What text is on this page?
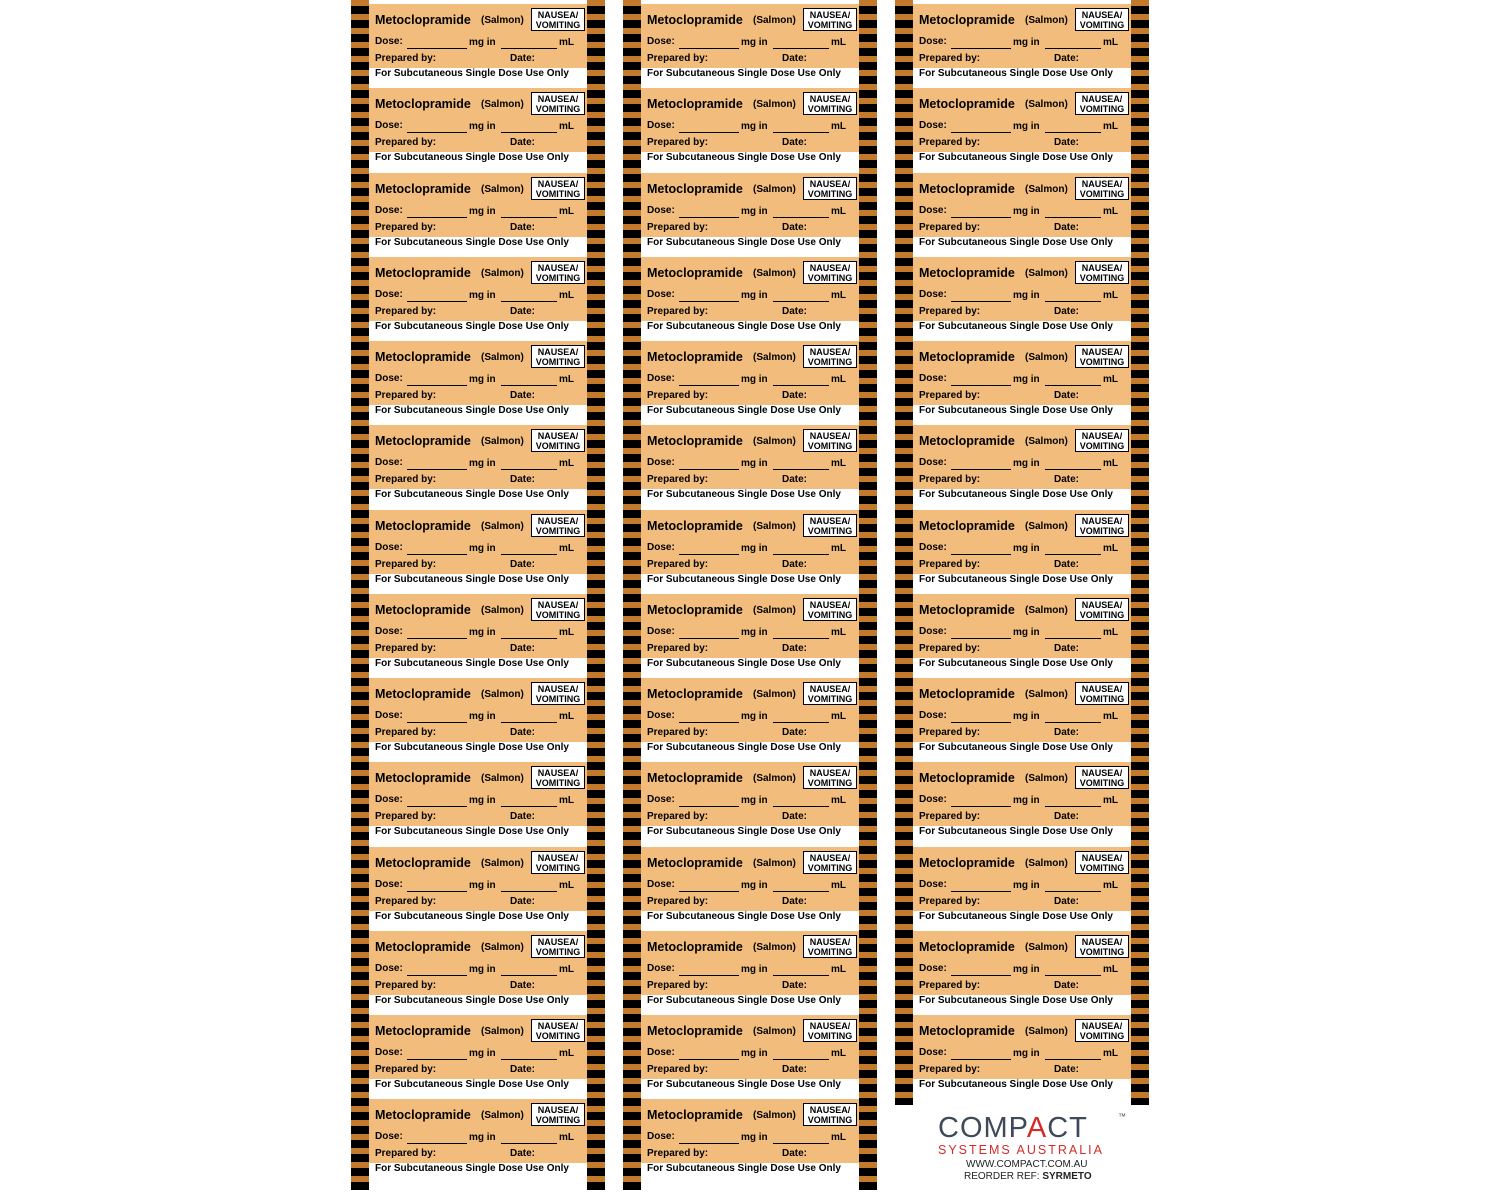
Metoclopramide (Salmon)	NAUSEA/
VOMITING
Dose:	mg in	mL
Prepared by:	Date:
For Subcutaneous Single Dose Use Only
Metoclopramide (Salmon)	NAUSEA/
VOMITING
Dose:	mg in	mL
Prepared by:	Date:
For Subcutaneous Single Dose Use Only
Metoclopramide (Salmon)	NAUSEA/
VOMITING
Dose:	mg in	mL
Prepared by:	Date:
For Subcutaneous Single Dose Use Only
Metoclopramide (Salmon)	NAUSEA/
VOMITING
Dose:	mg in	mL
Prepared by:	Date:
For Subcutaneous Single Dose Use Only
Metoclopramide (Salmon)	NAUSEA/
VOMITING
Dose:	mg in	mL
Prepared by:	Date:
For Subcutaneous Single Dose Use Only
Metoclopramide (Salmon)	NAUSEA/
VOMITING
Dose:	mg in	mL
Prepared by:	Date:
For Subcutaneous Single Dose Use Only
Metoclopramide (Salmon)	NAUSEA/
VOMITING
Dose:	mg in	mL
Prepared by:	Date:
For Subcutaneous Single Dose Use Only
Metoclopramide (Salmon)	NAUSEA/
VOMITING
Dose:	mg in	mL
Prepared by:	Date:
For Subcutaneous Single Dose Use Only
Metoclopramide (Salmon)	NAUSEA/
VOMITING
Dose:	mg in	mL
Prepared by:	Date:
For Subcutaneous Single Dose Use Only
Metoclopramide (Salmon)	NAUSEA/
VOMITING
Dose:	mg in	mL
Prepared by:	Date:
For Subcutaneous Single Dose Use Only
Metoclopramide (Salmon)	NAUSEA/
VOMITING
Dose:	mg in	mL
Prepared by:	Date:
For Subcutaneous Single Dose Use Only
Metoclopramide (Salmon)	NAUSEA/
VOMITING
Dose:	mg in	mL
Prepared by:	Date:
For Subcutaneous Single Dose Use Only
Metoclopramide (Salmon)	NAUSEA/
VOMITING
Dose:	mg in	mL
Prepared by:	Date:
For Subcutaneous Single Dose Use Only
Metoclopramide (Salmon)	NAUSEA/
VOMITING
Dose:	mg in	mL
Prepared by:	Date:
For Subcutaneous Single Dose Use Only
Metoclopramide (Salmon)	NAUSEA/
VOMITING
Dose:	mg in	mL
Prepared by:	Date:
For Subcutaneous Single Dose Use Only
Metoclopramide (Salmon)	NAUSEA/
VOMITING
Dose:	mg in	mL
Prepared by:	Date:
For Subcutaneous Single Dose Use Only
Metoclopramide (Salmon)	NAUSEA/
VOMITING
Dose:	mg in	mL
Prepared by:	Date:
For Subcutaneous Single Dose Use Only
Metoclopramide (Salmon)	NAUSEA/
VOMITING
Dose:	mg in	mL
Prepared by:	Date:
For Subcutaneous Single Dose Use Only
Metoclopramide (Salmon)	NAUSEA/
VOMITING
Dose:	mg in	mL
Prepared by:	Date:
For Subcutaneous Single Dose Use Only
Metoclopramide (Salmon)	NAUSEA/
VOMITING
Dose:	mg in	mL
Prepared by:	Date:
For Subcutaneous Single Dose Use Only
Metoclopramide (Salmon)	NAUSEA/
VOMITING
Dose:	mg in	mL
Prepared by:	Date:
For Subcutaneous Single Dose Use Only
Metoclopramide (Salmon)	NAUSEA/
VOMITING
Dose:	mg in	mL
Prepared by:	Date:
For Subcutaneous Single Dose Use Only
Metoclopramide (Salmon)	NAUSEA/
VOMITING
Dose:	mg in	mL
Prepared by:	Date:
For Subcutaneous Single Dose Use Only
Metoclopramide (Salmon)	NAUSEA/
VOMITING
Dose:	mg in	mL
Prepared by:	Date:
For Subcutaneous Single Dose Use Only
Metoclopramide (Salmon)	NAUSEA/
VOMITING
Dose:	mg in	mL
Prepared by:	Date:
For Subcutaneous Single Dose Use Only
Metoclopramide (Salmon)	NAUSEA/
VOMITING
Dose:	mg in	mL
Prepared by:	Date:
For Subcutaneous Single Dose Use Only
Metoclopramide (Salmon)	NAUSEA/
VOMITING
Dose:	mg in	mL
Prepared by:	Date:
For Subcutaneous Single Dose Use Only
Metoclopramide (Salmon)	NAUSEA/
VOMITING
Dose:	mg in	mL
Prepared by:	Date:
For Subcutaneous Single Dose Use Only
Metoclopramide (Salmon)	NAUSEA/
VOMITING
Dose:	mg in	mL
Prepared by:	Date:
For Subcutaneous Single Dose Use Only
Metoclopramide (Salmon)	NAUSEA/
VOMITING
Dose:	mg in	mL
Prepared by:	Date:
For Subcutaneous Single Dose Use Only
Metoclopramide (Salmon)	NAUSEA/
VOMITING
Dose:	mg in	mL
Prepared by:	Date:
For Subcutaneous Single Dose Use Only
Metoclopramide (Salmon)	NAUSEA/
VOMITING
Dose:	mg in	mL
Prepared by:	Date:
For Subcutaneous Single Dose Use Only
Metoclopramide (Salmon)	NAUSEA/
VOMITING
Dose:	mg in	mL
Prepared by:	Date:
For Subcutaneous Single Dose Use Only
Metoclopramide (Salmon)	NAUSEA/
VOMITING
Dose:	mg in	mL
Prepared by:	Date:
For Subcutaneous Single Dose Use Only
Metoclopramide (Salmon)	NAUSEA/
VOMITING
Dose:	mg in	mL
Prepared by:	Date:
For Subcutaneous Single Dose Use Only
Metoclopramide (Salmon)	NAUSEA/
VOMITING
Dose:	mg in	mL
Prepared by:	Date:
For Subcutaneous Single Dose Use Only
Metoclopramide (Salmon)	NAUSEA/
VOMITING
Dose:	mg in	mL
Prepared by:	Date:
For Subcutaneous Single Dose Use Only
Metoclopramide (Salmon)	NAUSEA/
VOMITING
Dose:	mg in	mL
Prepared by:	Date:
For Subcutaneous Single Dose Use Only
Metoclopramide (Salmon)	NAUSEA/
VOMITING
Dose:	mg in	mL
Prepared by:	Date:
For Subcutaneous Single Dose Use Only
Metoclopramide (Salmon)	NAUSEA/
VOMITING
Dose:	mg in	mL
Prepared by:	Date:
For Subcutaneous Single Dose Use Only
Metoclopramide (Salmon)	NAUSEA/
VOMITING
Dose:	mg in	mL
Prepared by:	Date:
For Subcutaneous Single Dose Use Only
COMPACT	™
SYSTEMS AUSTRALIA
WWW.COMPACT.COM.AU
REORDER REF: SYRMETO
